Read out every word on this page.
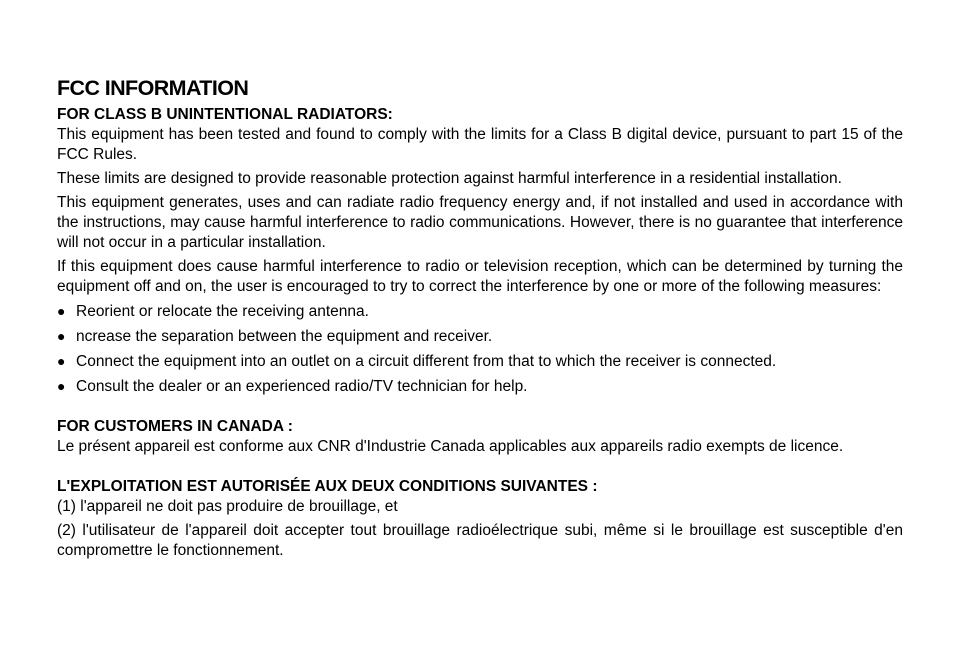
FCC INFORMATION
FOR CLASS B UNINTENTIONAL RADIATORS:

This equipment has been tested and found to comply with the limits for a Class B digital device, pursuant to part 15 of the FCC Rules.

These limits are designed to provide reasonable protection against harmful interference in a residential installation.

This equipment generates, uses and can radiate radio frequency energy and, if not installed and used in accordance with the instructions, may cause harmful interference to radio communications. However, there is no guarantee that interference will not occur in a particular installation.

If this equipment does cause harmful interference to radio or television reception, which can be determined by turning the equipment off and on, the user is encouraged to try to correct the interference by one or more of the following measures:

● Reorient or relocate the receiving antenna.
● ncrease the separation between the equipment and receiver.
● Connect the equipment into an outlet on a circuit different from that to which the receiver is connected.
● Consult the dealer or an experienced radio/TV technician for help.
FOR CUSTOMERS IN CANADA :

Le présent appareil est conforme aux CNR d'Industrie Canada applicables aux appareils radio exempts de licence.

L'EXPLOITATION EST AUTORISÉE AUX DEUX CONDITIONS SUIVANTES :

(1) l'appareil ne doit pas produire de brouillage, et

(2) l'utilisateur de l'appareil doit accepter tout brouillage radioélectrique subi, même si le brouillage est susceptible d'en compromettre le fonctionnement.
